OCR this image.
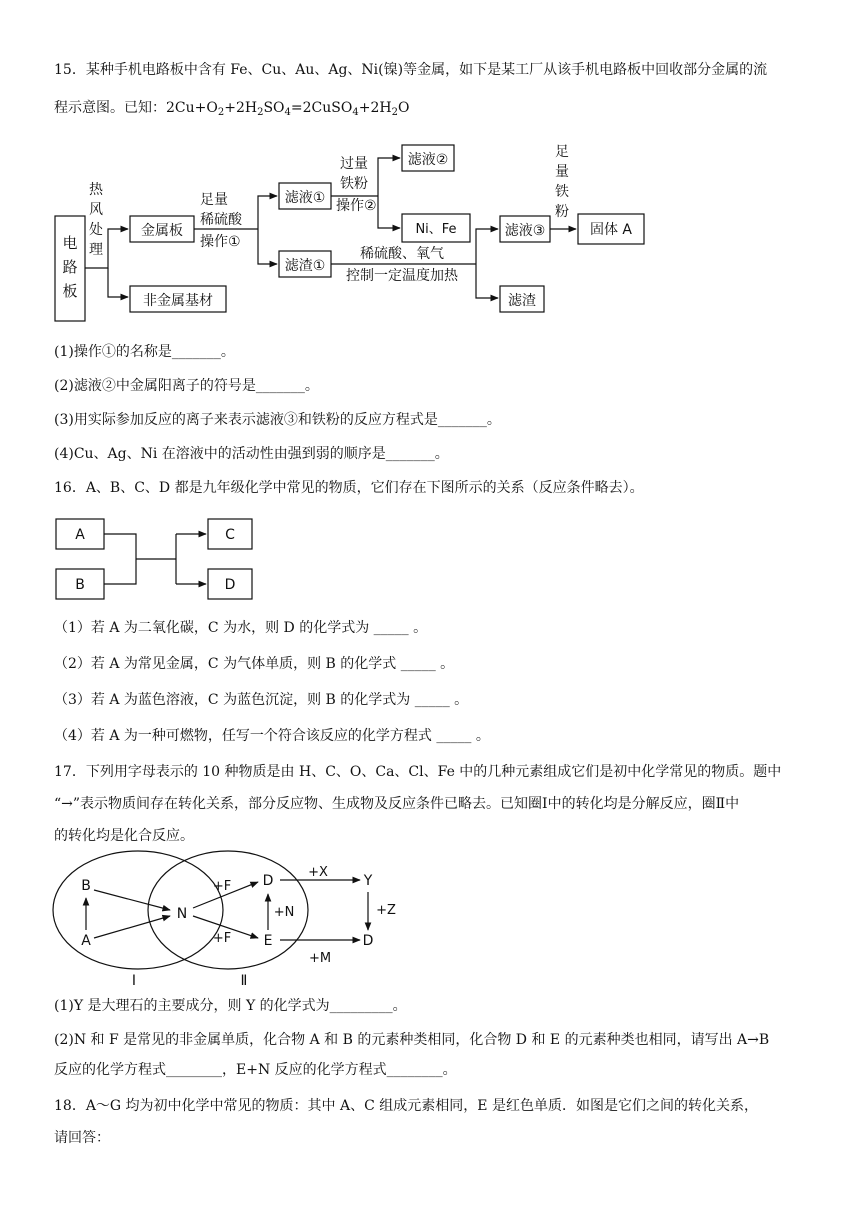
15．某种手机电路板中含有 Fe、Cu、Au、Ag、Ni(镍)等金属，如下是某工厂从该手机电路板中回收部分金属的流
程示意图。已知：$2Cu+O_2+2H_2SO_4=2CuSO_4+2H_2O$
电
路
板
热
风
处
理
金属板
非金属基材
足量
稀硫酸
操作①
滤液①
滤渣①
过量
铁粉
操作②
滤液②
Ni、Fe
稀硫酸、氧气
控制一定温度加热
滤液③
滤渣
足
量
铁
粉
固体 A
(1)操作①的名称是_______。
(2)滤液②中金属阳离子的符号是_______。
(3)用实际参加反应的离子来表示滤液③和铁粉的反应方程式是_______。
(4)Cu、Ag、Ni 在溶液中的活动性由强到弱的顺序是_______。
16．A、B、C、D 都是九年级化学中常见的物质，它们存在下图所示的关系（反应条件略去）。
A
B
C
D
（1）若 A 为二氧化碳，C 为水，则 D 的化学式为 _____ 。
（2）若 A 为常见金属，C 为气体单质，则 B 的化学式 _____ 。
（3）若 A 为蓝色溶液，C 为蓝色沉淀，则 B 的化学式为 _____ 。
（4）若 A 为一种可燃物，任写一个符合该反应的化学方程式 _____ 。
17．下列用字母表示的 10 种物质是由 H、C、O、Ca、Cl、Fe 中的几种元素组成它们是初中化学常见的物质。题中
“→”表示物质间存在转化关系，部分反应物、生成物及反应条件已略去。已知圈Ⅰ中的转化均是分解反应，圈Ⅱ中
的转化均是化合反应。
B
A
N
D
E
Y
D
+F
+F
+N
+X
+Z
+M
Ⅰ	Ⅱ
(1)Y 是大理石的主要成分，则 Y 的化学式为_________。
(2)N 和 F 是常见的非金属单质，化合物 A 和 B 的元素种类相同，化合物 D 和 E 的元素种类也相同，请写出 A→B
反应的化学方程式________，E+N 反应的化学方程式________。
18．A～G 均为初中化学中常见的物质：其中 A、C 组成元素相同，E 是红色单质．如图是它们之间的转化关系，
请回答：
